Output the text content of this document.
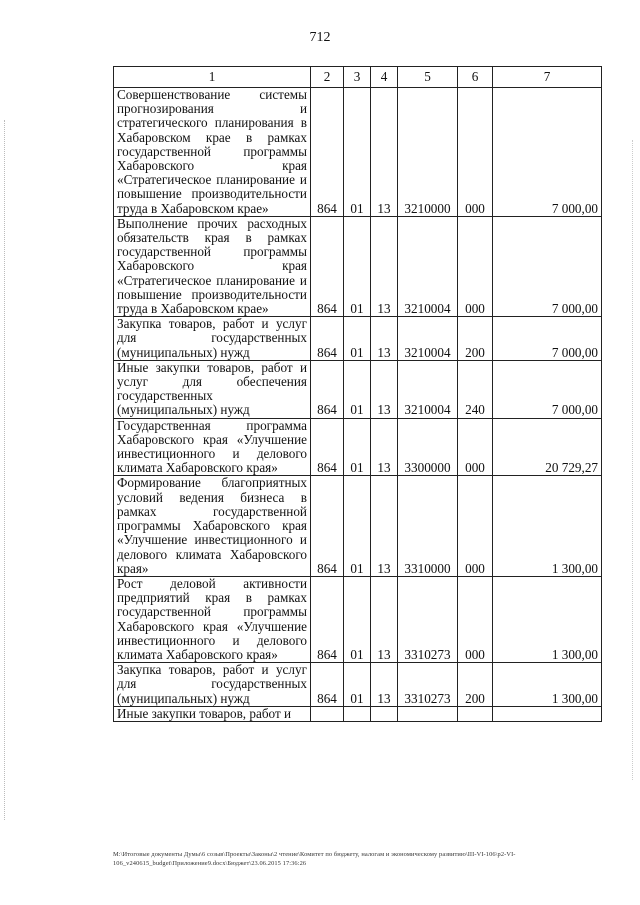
712
1	2	3	4	5	6	7
Совершенствование системы прогнозирования и стратегического планирования в Хабаровском крае в рамках государственной программы Хабаровского края «Стратегическое планирование и повышение производительности труда в Хабаровском крае»	864	01	13	3210000	000	7 000,00
Выполнение прочих расходных обязательств края в рамках государственной программы Хабаровского края «Стратегическое планирование и повышение производительности труда в Хабаровском крае»	864	01	13	3210004	000	7 000,00
Закупка товаров, работ и услуг для государственных (муниципальных) нужд	864	01	13	3210004	200	7 000,00
Иные закупки товаров, работ и услуг для обеспечения государственных (муниципальных) нужд	864	01	13	3210004	240	7 000,00
Государственная программа Хабаровского края «Улучшение инвестиционного и делового климата Хабаровского края»	864	01	13	3300000	000	20 729,27
Формирование благоприятных условий ведения бизнеса в рамках государственной программы Хабаровского края «Улучшение инвестиционного и делового климата Хабаровского края»	864	01	13	3310000	000	1 300,00
Рост деловой активности предприятий края в рамках государственной программы Хабаровского края «Улучшение инвестиционного и делового климата Хабаровского края»	864	01	13	3310273	000	1 300,00
Закупка товаров, работ и услуг для государственных (муниципальных) нужд	864	01	13	3310273	200	1 300,00
Иные закупки товаров, работ и						
M:\Итоговые документы Думы\6 созыв\Проекты\Законы\2 чтение\Комитет по бюджету, налогам и экономическому развитию\III-VI-106\р2-VI-106_v240615_budget\Приложение9.docx\Бюджет\23.06.2015 17:36:26
